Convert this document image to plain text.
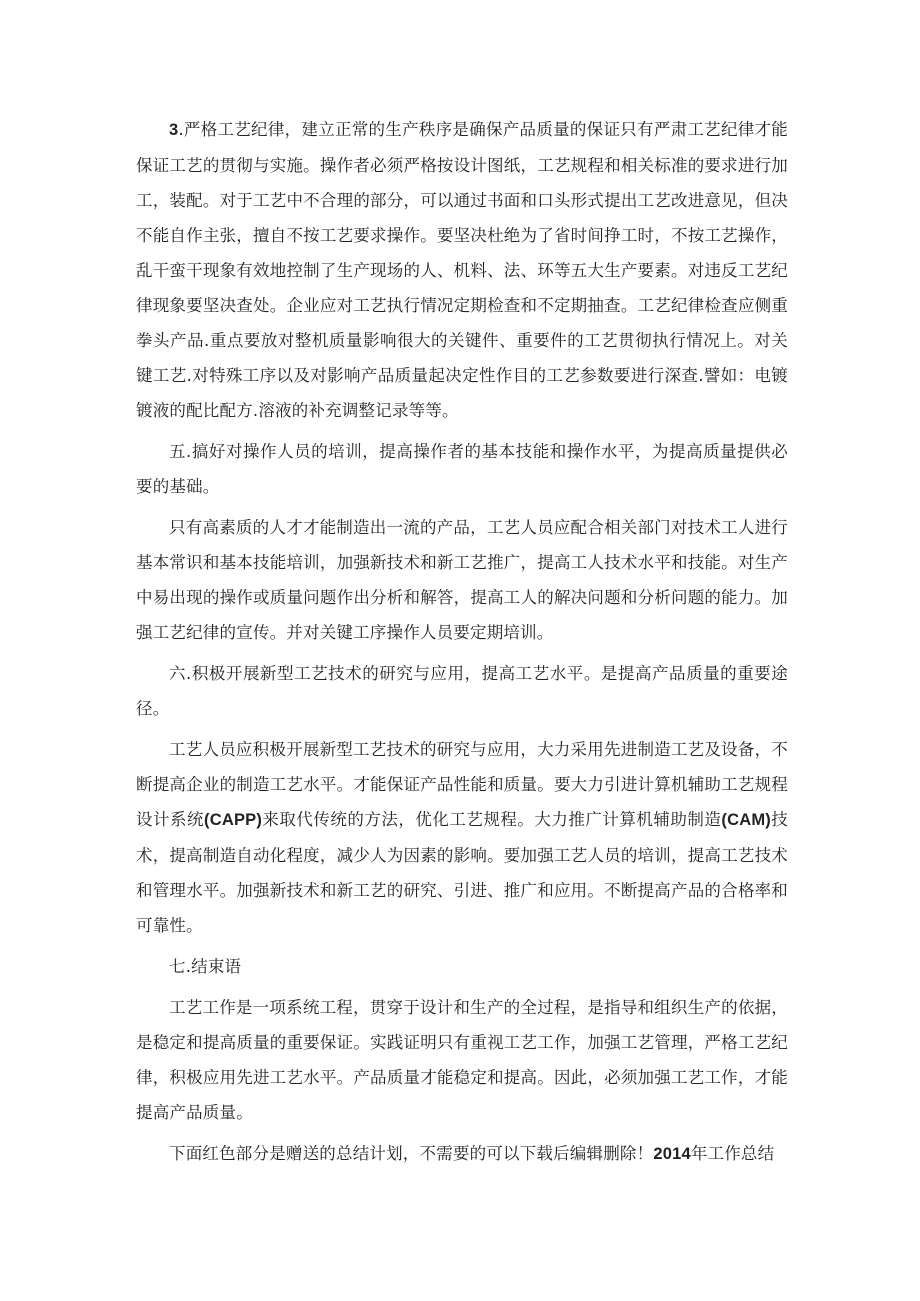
3.严格工艺纪律，建立正常的生产秩序是确保产品质量的保证只有严肃工艺纪律才能保证工艺的贯彻与实施。操作者必须严格按设计图纸，工艺规程和相关标准的要求进行加工，装配。对于工艺中不合理的部分，可以通过书面和口头形式提出工艺改进意见，但决不能自作主张，擅自不按工艺要求操作。要坚决杜绝为了省时间挣工时，不按工艺操作，乱干蛮干现象有效地控制了生产现场的人、机料、法、环等五大生产要素。对违反工艺纪律现象要坚决查处。企业应对工艺执行情况定期检查和不定期抽查。工艺纪律检查应侧重拳头产品.重点要放对整机质量影响很大的关键件、重要件的工艺贯彻执行情况上。对关键工艺.对特殊工序以及对影响产品质量起决定性作目的工艺参数要进行深查.譬如：电镀镀液的配比配方.溶液的补充调整记录等等。

五.搞好对操作人员的培训，提高操作者的基本技能和操作水平，为提高质量提供必要的基础。

只有高素质的人才才能制造出一流的产品，工艺人员应配合相关部门对技术工人进行基本常识和基本技能培训，加强新技术和新工艺推广，提高工人技术水平和技能。对生产中易出现的操作或质量问题作出分析和解答，提高工人的解决问题和分析问题的能力。加强工艺纪律的宣传。并对关键工序操作人员要定期培训。

六.积极开展新型工艺技术的研究与应用，提高工艺水平。是提高产品质量的重要途径。

工艺人员应积极开展新型工艺技术的研究与应用，大力采用先进制造工艺及设备，不断提高企业的制造工艺水平。才能保证产品性能和质量。要大力引进计算机辅助工艺规程设计系统(CAPP)来取代传统的方法，优化工艺规程。大力推广计算机辅助制造(CAM)技术，提高制造自动化程度，减少人为因素的影响。要加强工艺人员的培训，提高工艺技术和管理水平。加强新技术和新工艺的研究、引进、推广和应用。不断提高产品的合格率和可靠性。

七.结束语

工艺工作是一项系统工程，贯穿于设计和生产的全过程，是指导和组织生产的依据，是稳定和提高质量的重要保证。实践证明只有重视工艺工作，加强工艺管理，严格工艺纪律，积极应用先进工艺水平。产品质量才能稳定和提高。因此，必须加强工艺工作，才能提高产品质量。

下面红色部分是赠送的总结计划，不需要的可以下载后编辑删除！2014年工作总结
